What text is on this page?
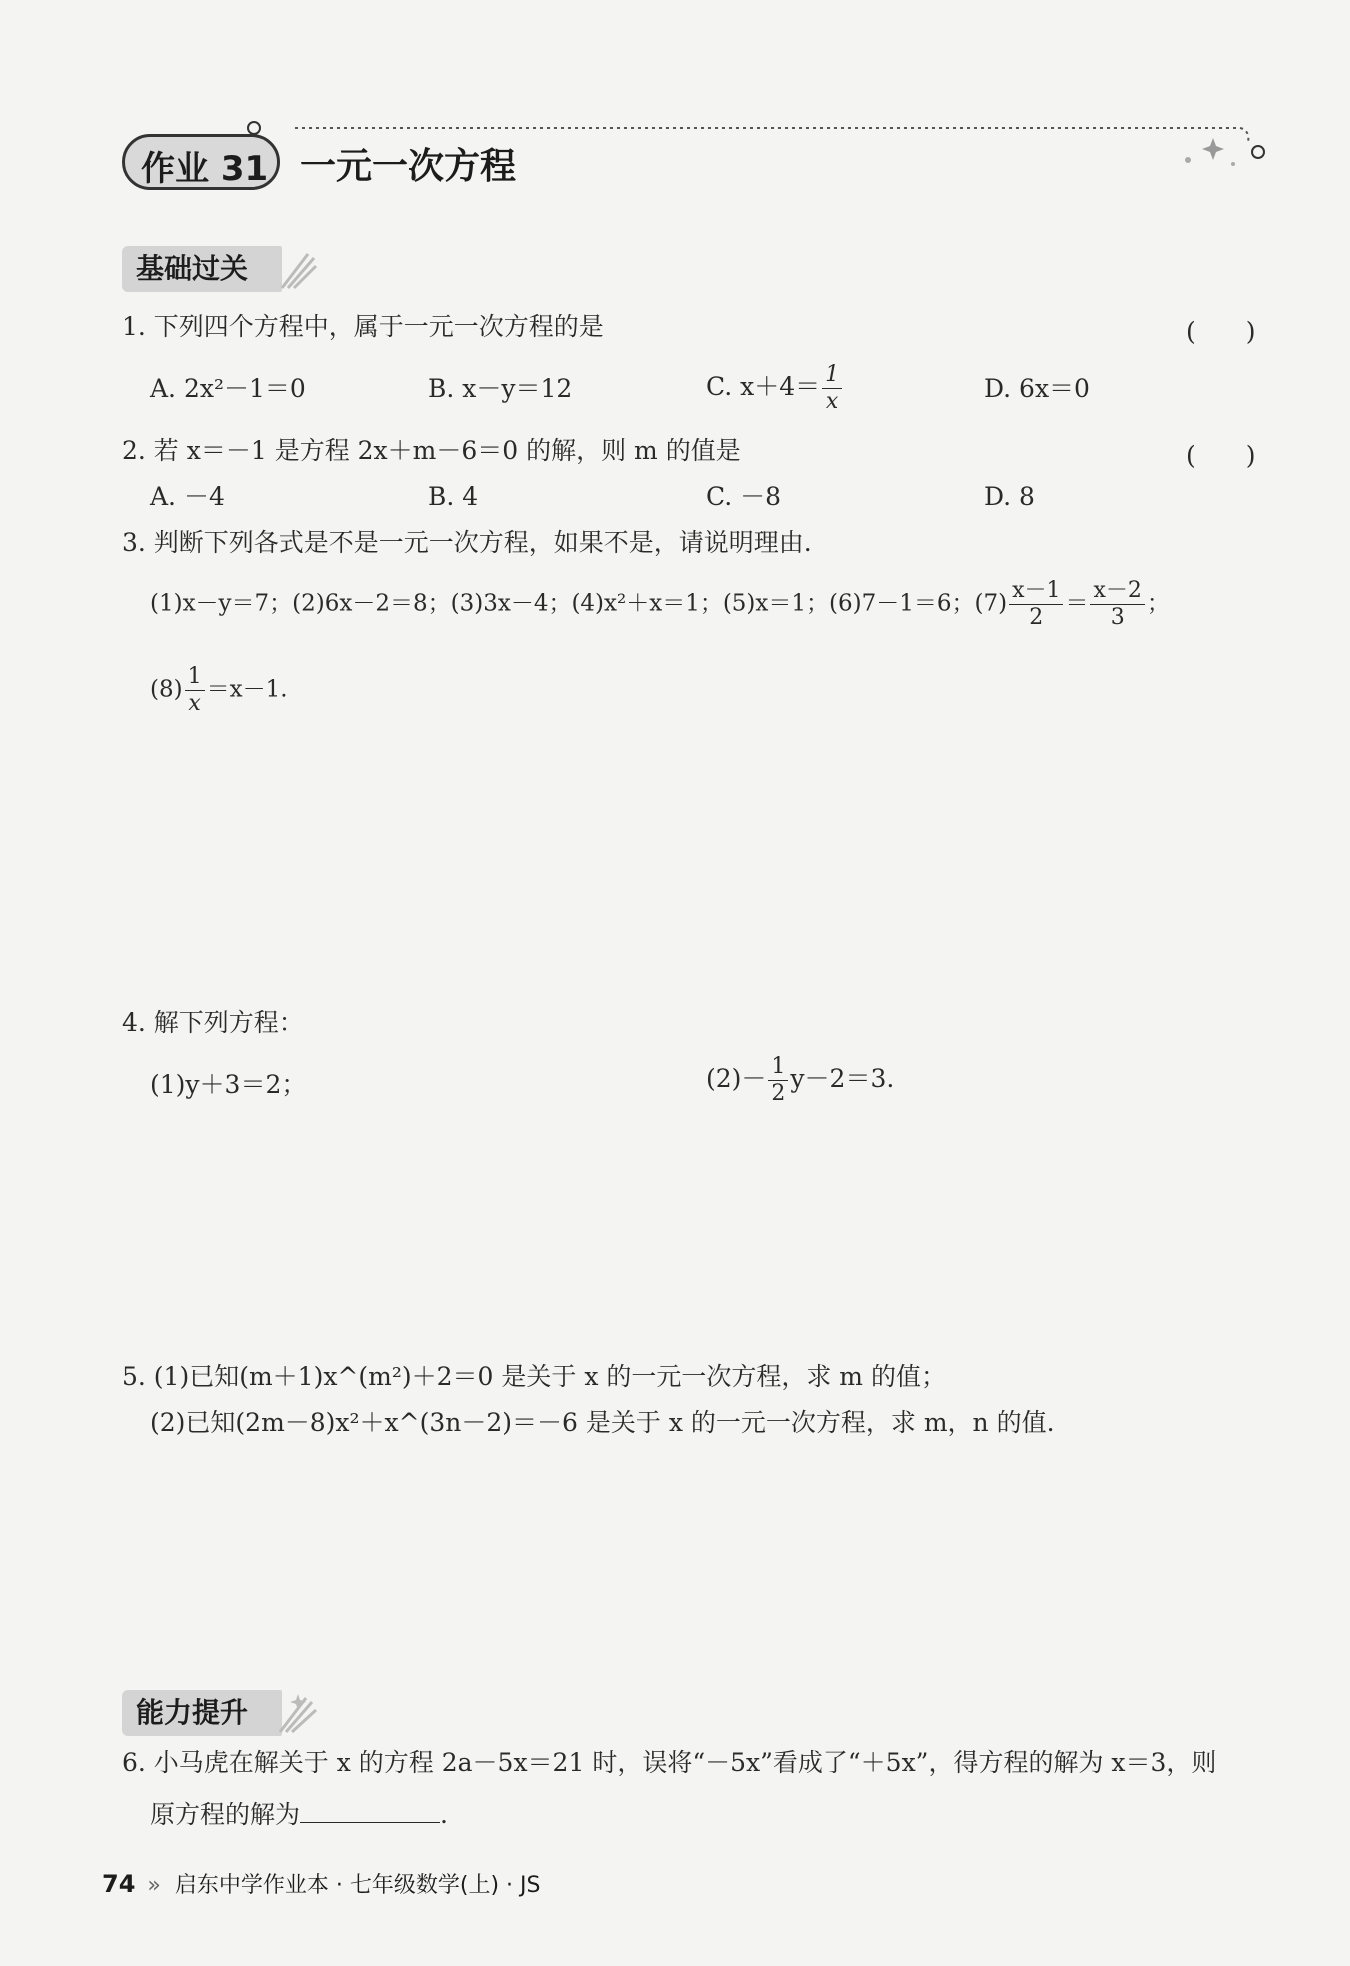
作业 31 一元一次方程
基础过关
1. 下列四个方程中，属于一元一次方程的是	(　　)
A. 2x²－1＝0	B. x－y＝12	C. $x+4= \frac{1}{x}$	D. 6x＝0
2. 若 x＝－1 是方程 2x＋m－6＝0 的解，则 m 的值是	(　　)
A. －4	B. 4	C. －8	D. 8
3. 判断下列各式是不是一元一次方程，如果不是，请说明理由.
(1)x－y＝7；(2)6x－2＝8；(3)3x－4；(4)x²＋x＝1；(5)x＝1；(6)7－1＝6；$(7) \frac{x-1}{2} = \frac{x-2}{3}$ ；
$(8) \frac{1}{x} =x-1$.
4. 解下列方程：
(1)y＋3＝2；	$(2)- \frac{1}{2} y-2=3$.
5. (1)已知(m＋1)x^(m²)＋2＝0 是关于 x 的一元一次方程，求 m 的值；
(2)已知(2m－8)x²＋x^(3n－2)＝－6 是关于 x 的一元一次方程，求 m，n 的值.
能力提升
6. 小马虎在解关于 x 的方程 2a－5x＝21 时，误将“－5x”看成了“＋5x”，得方程的解为 x＝3，则
原方程的解为	.
74 » 启东中学作业本 · 七年级数学(上) · JS
